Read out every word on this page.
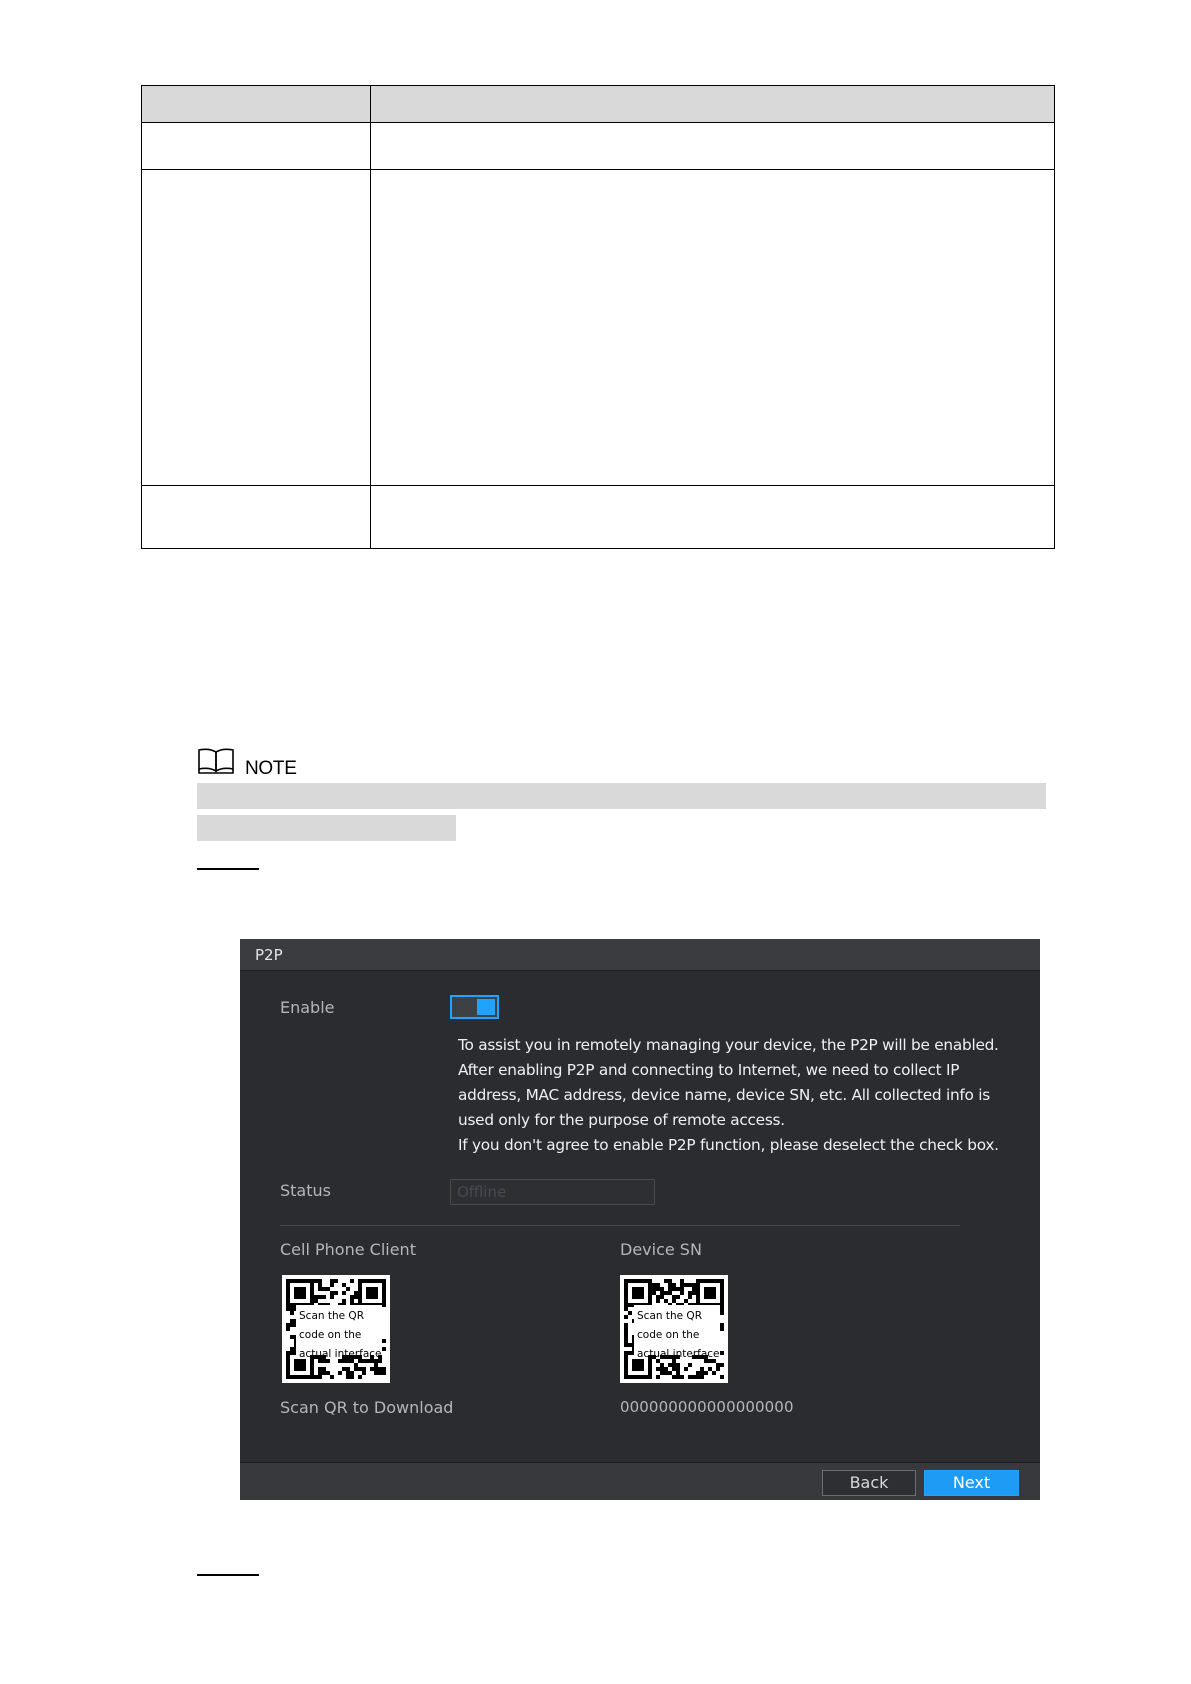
NOTE
P2P
Enable
To assist you in remotely managing your device, the P2P will be enabled.
After enabling P2P and connecting to Internet, we need to collect IP
address, MAC address, device name, device SN, etc. All collected info is
used only for the purpose of remote access.
If you don't agree to enable P2P function, please deselect the check box.
Status	Offline
Cell Phone Client	Device SN
Scan the QR
code on the
actual interface
Scan the QR
code on the
actual interface
Scan QR to Download	000000000000000000
Back	Next
